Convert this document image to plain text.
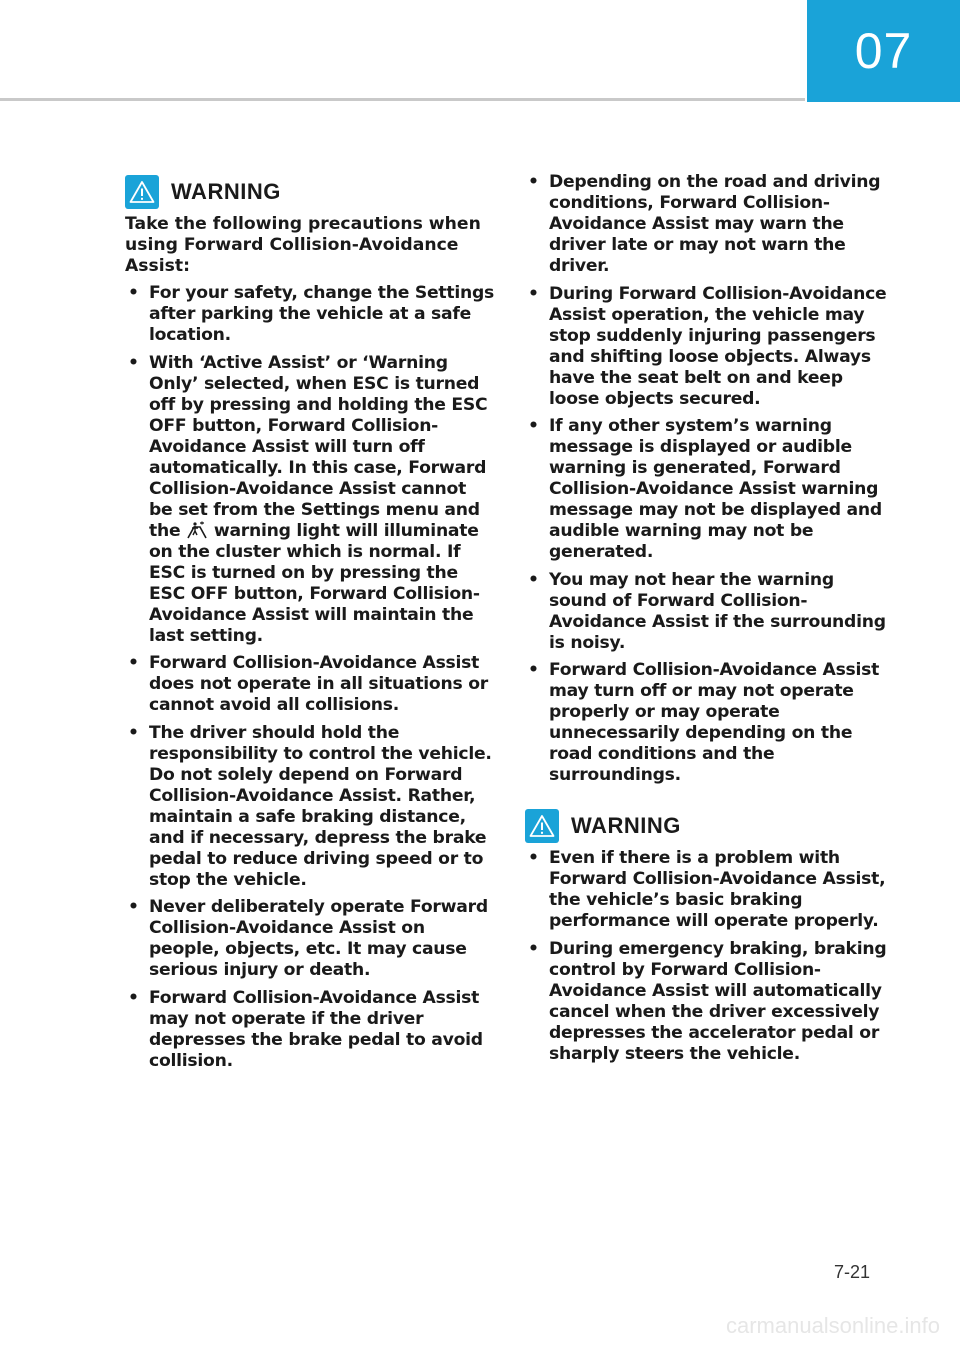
07
WARNING

Take the following precautions when using Forward Collision-Avoidance Assist:

• For your safety, change the Settings after parking the vehicle at a safe location.
• With ‘Active Assist’ or ‘Warning Only’ selected, when ESC is turned off by pressing and holding the ESC OFF button, Forward Collision-Avoidance Assist will turn off automatically. In this case, Forward Collision-Avoidance Assist cannot be set from the Settings menu and the warning light will illuminate on the cluster which is normal. If ESC is turned on by pressing the ESC OFF button, Forward Collision-Avoidance Assist will maintain the last setting.
• Forward Collision-Avoidance Assist does not operate in all situations or cannot avoid all collisions.
• The driver should hold the responsibility to control the vehicle. Do not solely depend on Forward Collision-Avoidance Assist. Rather, maintain a safe braking distance, and if necessary, depress the brake pedal to reduce driving speed or to stop the vehicle.
• Never deliberately operate Forward Collision-Avoidance Assist on people, objects, etc. It may cause serious injury or death.
• Forward Collision-Avoidance Assist may not operate if the driver depresses the brake pedal to avoid collision.
• Depending on the road and driving conditions, Forward Collision-Avoidance Assist may warn the driver late or may not warn the driver.
• During Forward Collision-Avoidance Assist operation, the vehicle may stop suddenly injuring passengers and shifting loose objects. Always have the seat belt on and keep loose objects secured.
• If any other system’s warning message is displayed or audible warning is generated, Forward Collision-Avoidance Assist warning message may not be displayed and audible warning may not be generated.
• You may not hear the warning sound of Forward Collision-Avoidance Assist if the surrounding is noisy.
• Forward Collision-Avoidance Assist may turn off or may not operate properly or may operate unnecessarily depending on the road conditions and the surroundings.
WARNING
• Even if there is a problem with Forward Collision-Avoidance Assist, the vehicle’s basic braking performance will operate properly.
• During emergency braking, braking control by Forward Collision-Avoidance Assist will automatically cancel when the driver excessively depresses the accelerator pedal or sharply steers the vehicle.
7-21
carmanualsonline.info
